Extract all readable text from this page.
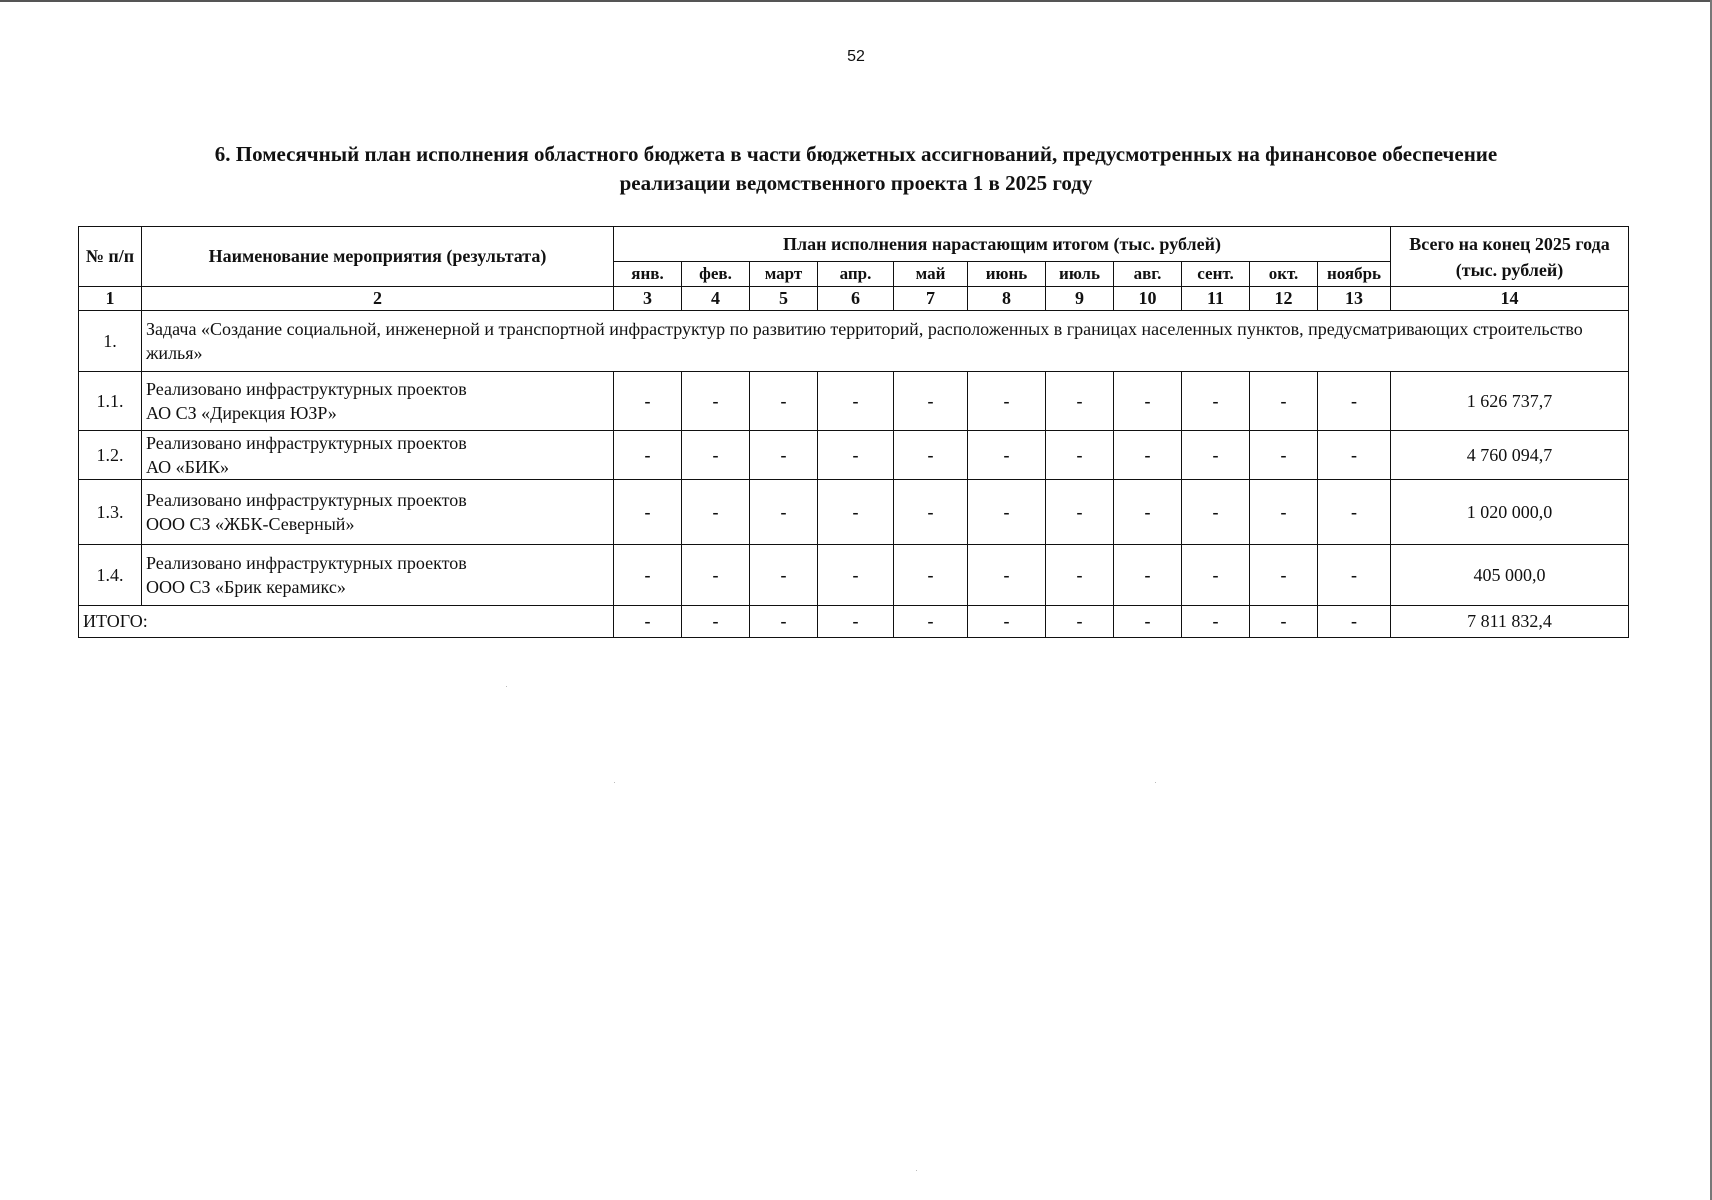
52
6. Помесячный план исполнения областного бюджета в части бюджетных ассигнований, предусмотренных на финансовое обеспечение
реализации ведомственного проекта 1 в 2025 году
№ п/п	Наименование мероприятия (результата)	План исполнения нарастающим итогом (тыс. рублей)											Всего на конец 2025 года
(тыс. рублей)

		янв.	фев.	март	апр.	май	июнь	июль	авг.	сент.	окт.	ноябрь	
1	2	3	4	5	6	7	8	9	10	11	12	13	14
1.	Задача «Создание социальной, инженерной и транспортной инфраструктур по развитию территорий, расположенных в границах населенных пунктов, предусматривающих строительство жилья»												
1.1.	Реализовано инфраструктурных проектов
АО СЗ «Дирекция ЮЗР»	-	-	-	-	-	-	-	-	-	-	-	1 626 737,7
1.2.	Реализовано инфраструктурных проектов
АО «БИК»	-	-	-	-	-	-	-	-	-	-	-	4 760 094,7
1.3.	Реализовано инфраструктурных проектов
ООО СЗ «ЖБК-Северный»	-	-	-	-	-	-	-	-	-	-	-	1 020 000,0
1.4.	Реализовано инфраструктурных проектов
ООО СЗ «Брик керамикс»	-	-	-	-	-	-	-	-	-	-	-	405 000,0
ИТОГО:		-	-	-	-	-	-	-	-	-	-	-	7 811 832,4
